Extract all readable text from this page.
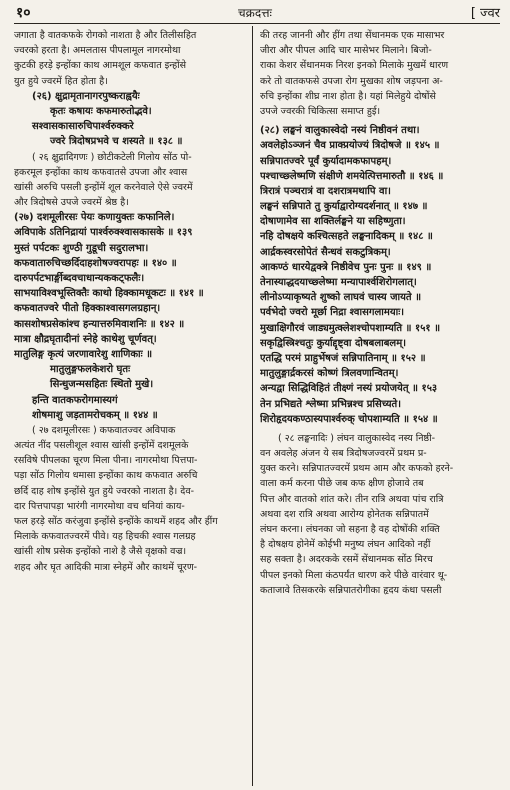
१०	चक्रदत्तः	[ ज्वर
जगाता है वातकफके रोगको नाशता है और तिलीसहित
ज्वरको हरता है। अमलतास पीपलामूल नागरमोथा
कुटकी हरड़े इन्होंका काथ आमशूल कफवात इन्होंसे
युत हुये ज्वरमें हित होता है।
(२६) क्षुद्रामृतानागरपुष्कराह्वयैः
कृतः कषायः कफमारुतोद्भवे।
सश्वासकासारुचिपार्श्वरुक्करे
ज्वरे त्रिदोषप्रभवे च शस्यते ॥ १३८ ॥
( २६ क्षुद्रादिगणः ) छोटीकटेली गिलोय सोंठ पो-
हकरमूल इन्होंका काथ कफवातसे उपजा और श्वास
खांसी अरुचि पसली इन्होंमें शूल करनेवाले ऐसे ज्वरमें
और त्रिदोषसे उपजे ज्वरमें श्रेष्ठ है।
(२७) दशमूलीरसः पेयः कणायुक्तः कफानिले।
अविपाके ऽतिनिद्रायां पार्श्वरुक्श्वासकासके ॥ १३९
मुस्तं पर्पटकः शुण्ठी गुडूची सदुरालभा।
कफवातारुचिच्छर्दिदाहशोषज्वरापहः ॥ १४० ॥
दारुपर्पटभार्ङ्गीब्दवचाधान्यककट्फलैः।
साभयाविश्वभूस्तिक्तैः काथो हिक्कामधूकटः ॥ १४१ ॥
कफवातज्वरे पीतो हिक्काश्वासगलग्रहान्।
कासशोषप्रसेकांश्च हन्यात्तरुमिवाशनिः ॥ १४२ ॥
मात्रा क्षौद्रघृतादीनां स्नेहे काथेशु चूर्णवत्।
मातुलिङ्ग कृत्यं जरणावारेशु शाणिकाः ॥
मातुलुङ्गफलकेशरो घृतः
सिन्धुजन्मसहितः स्थितो मुखे।
हन्ति वातकफरोगमास्यगं
शोषमाशु जड़तामरोचकम् ॥ १४४ ॥
( २७ दशमूलीरसः ) कफवातज्वर अविपाक
अत्यंत नींद पसलीशूल श्वास खांसी इन्होंमें दशमूलके
रसविषे पीपलका चूरण मिला पीना। नागरमोथा पित्तपा-
पड़ा सोंठ गिलोय धमासा इन्होंका काथ कफवात अरुचि
छर्दि दाह शोष इन्होंसे युत हुये ज्वरको नाशता है। देव-
दार पित्तपापड़ा भारंगी नागरमोथा वच धनियां काय-
फल हरड़े सोंठ करंजुवा इन्होंसे इन्होंके काथमें शहद और हींग
मिलाके कफवातज्वरमें पीवे। यह हिचकी श्वास गलग्रह
खांसी शोष प्रसेक इन्होंको नाशे है जैसे वृक्षको वज्र।
शहद और घृत आदिकी मात्रा स्नेहमें और काथमें चूरण-
की तरह जाननी और हींग तथा सेंधानमक एक मासाभर
जीरा और पीपल आदि चार मासेभर मिलाने। बिजो-
राका केशर सेंधानमक निरश इनको मिलाके मुखमें धारण
करे तो वातकफसे उपजा रोग मुखका शोष जड़पना अ-
रुचि इन्होंका शीघ्र नाश होता है। यहां मिलेहुये दोषोंसे
उपजे ज्वरकी चिकित्सा समाप्त हुई।
(२८) लङ्घनं वालुकास्वेदो नस्यं निष्ठीवनं तथा।
अवलेहोऽञ्जनं चैव प्राक्प्रयोज्यं त्रिदोषजे ॥ १४५ ॥
सन्निपातज्वरे पूर्वं कुर्यादामकफापहम्।
पश्चाच्छ्लेष्मणि संक्षीणे शमयेत्पित्तमारुतौ ॥ १४६ ॥
त्रिरात्रं पञ्चरात्रं वा दशरात्रमथापि वा।
लङ्घनं सन्निपाते तु कुर्याद्वारोग्यदर्शनात् ॥ १४७ ॥
दोषाणामेव सा शक्तिर्लङ्घने या सहिष्णुता।
नहि दोषक्षये कश्चित्सहते लङ्घनादिकम् ॥ १४८ ॥
आर्द्रकस्वरसोपेतं सैन्धवं सकटुत्रिकम्।
आकण्ठं धारयेद्वक्त्रे निष्ठीवेच पुनः पुनः ॥ १४९ ॥
तेनास्याद्धदयाच्छ्लेष्मा मन्यापार्श्वशिरोगलात्।
लीनोऽप्याकृष्यते शुष्को लाघवं चास्य जायते ॥
पर्वभेदो ज्वरो मूर्छा निद्रा श्वासगलामयाः।
मुखाक्षिगौरवं जाड्यमुत्क्लेशश्चोपशाम्यति ॥ १५१ ॥
सकृद्विस्त्रिश्चतुः कुर्याद्दृष्ट्वा दोषबलाबलम्।
एतद्धि परमं प्राहुर्भेषजं सन्निपातिनाम् ॥ १५२ ॥
मातुलुङ्गार्द्रकरसं कोष्णं त्रिलवणान्वितम्।
अन्यद्वा सिद्धिविहितं तीक्ष्णं नस्यं प्रयोजयेत् ॥ १५३
तेन प्रभिद्यते श्लेष्मा प्रभिन्नश्च प्रसिच्यते।
शिरोहृदयकण्ठास्यपार्श्वरुक् चोपशाम्यति ॥ १५४ ॥
( २८ लङ्घनादिः ) लंघन वालुकास्वेद नस्य निष्ठी-
वन अवलेह अंजन ये सब त्रिदोषजज्वरमें प्रथम प्र-
युक्त करने। सन्निपातज्वरमें प्रथम आम और कफको हरने-
वाला कर्म करना पीछे जब कफ क्षीण होजावे तब
पित्त और वातको शांत करे। तीन रात्रि अथवा पांच रात्रि
अथवा दश रात्रि अथवा आरोग्य होनेतक सन्निपातमें
लंघन करना। लंघनका जो सहना है वह दोषोंकी शक्ति
है दोषक्षय होनेमें कोईभी मनुष्य लंघन आदिको नहीं
सह सक्ता है। अदरकके रसमें सेंधानमक सोंठ मिरच
पीपल इनको मिला कंठपर्यंत धारण करे पीछे वारंवार थू-
कताजावे तिसकरके सन्निपातरोगीका हृदय कंधा पसली
